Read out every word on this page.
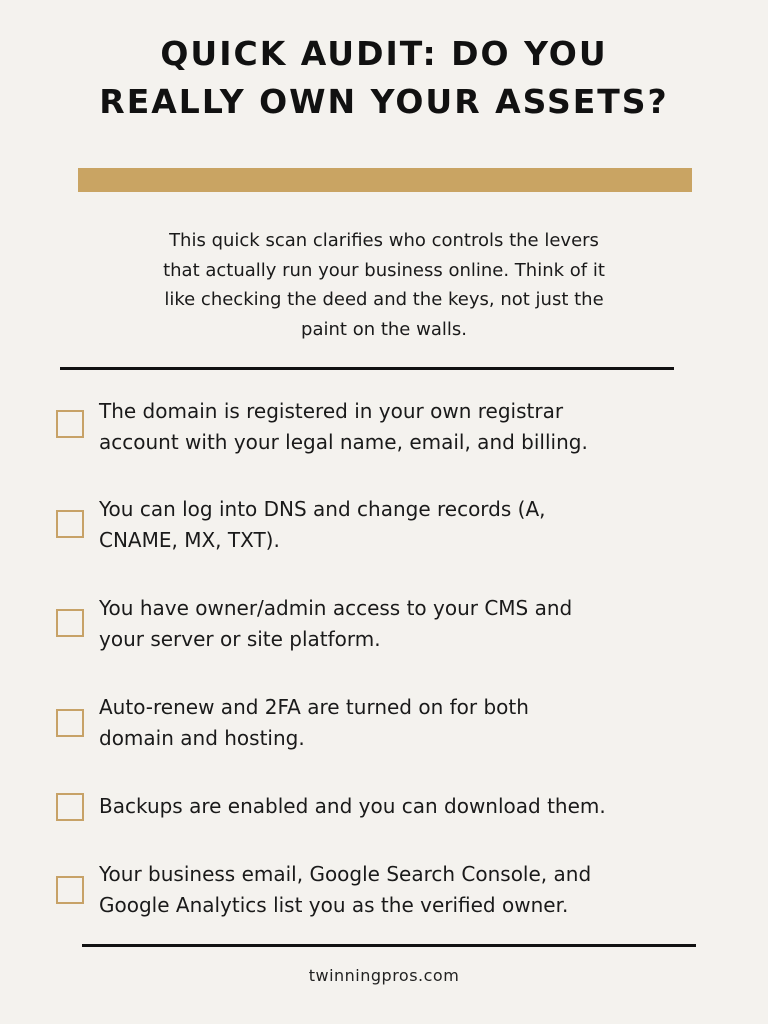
QUICK AUDIT: DO YOU
REALLY OWN YOUR ASSETS?
This quick scan clarifies who controls the levers
that actually run your business online. Think of it
like checking the deed and the keys, not just the
paint on the walls.
The domain is registered in your own registrar
account with your legal name, email, and billing.
You can log into DNS and change records (A,
CNAME, MX, TXT).
You have owner/admin access to your CMS and
your server or site platform.
Auto-renew and 2FA are turned on for both
domain and hosting.
Backups are enabled and you can download them.
Your business email, Google Search Console, and
Google Analytics list you as the verified owner.
twinningpros.com
